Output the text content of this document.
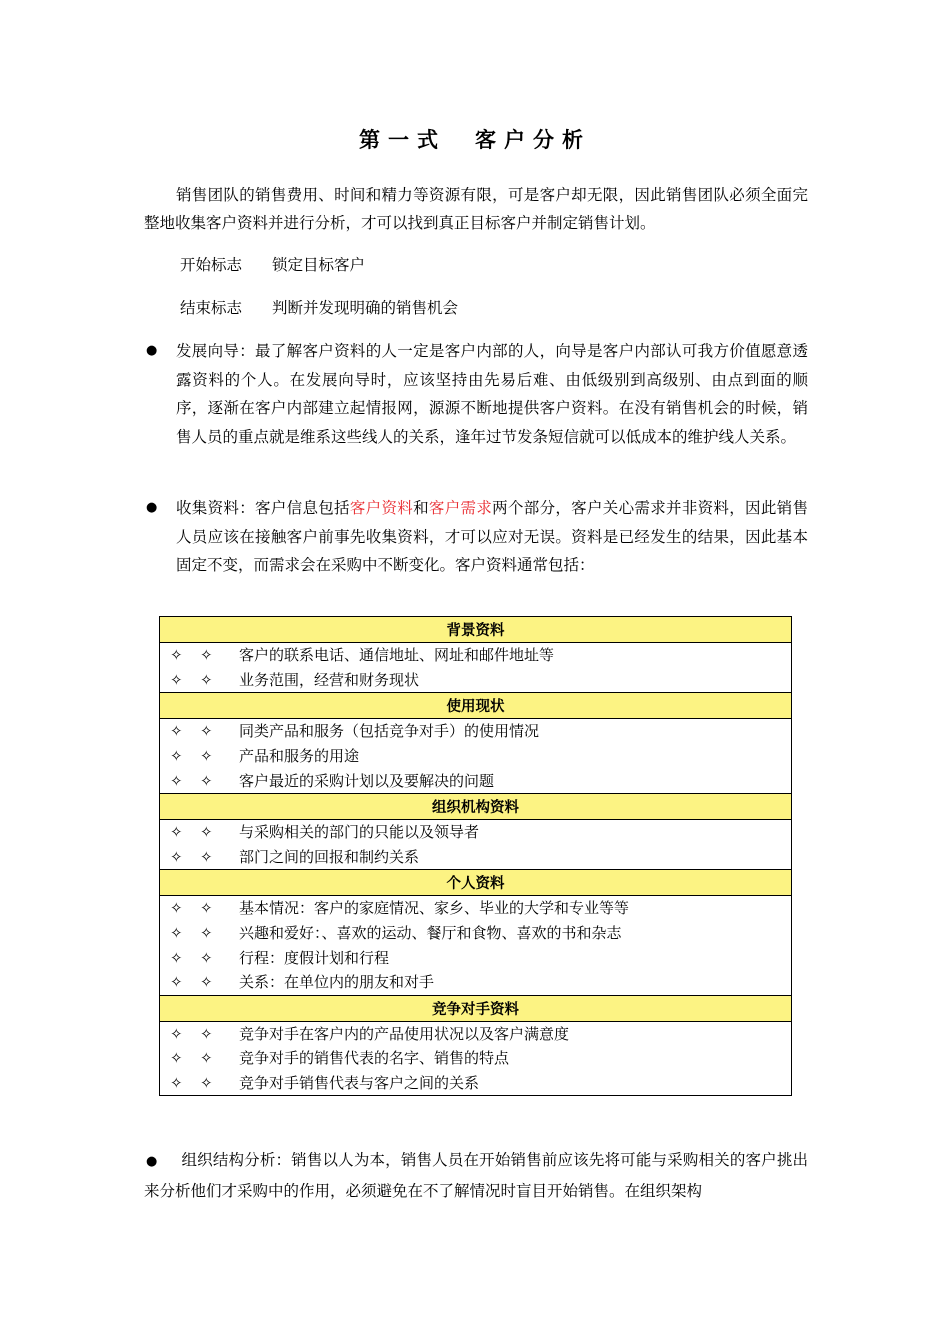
第一式　客户分析
销售团队的销售费用、时间和精力等资源有限，可是客户却无限，因此销售团队必须全面完整地收集客户资料并进行分析，才可以找到真正目标客户并制定销售计划。
开始标志 锁定目标客户
结束标志 判断并发现明确的销售机会
● 发展向导：最了解客户资料的人一定是客户内部的人，向导是客户内部认可我方价值愿意透露资料的个人。在发展向导时，应该坚持由先易后难、由低级别到高级别、由点到面的顺序，逐渐在客户内部建立起情报网，源源不断地提供客户资料。在没有销售机会的时候，销售人员的重点就是维系这些线人的关系，逢年过节发条短信就可以低成本的维护线人关系。
● 收集资料：客户信息包括客户资料和客户需求两个部分，客户关心需求并非资料，因此销售人员应该在接触客户前事先收集资料，才可以应对无误。资料是已经发生的结果，因此基本固定不变，而需求会在采购中不断变化。客户资料通常包括：
背景资料
✧ ✧ 客户的联系电话、通信地址、网址和邮件地址等
✧ ✧ 业务范围，经营和财务现状
使用现状
✧ ✧ 同类产品和服务（包括竞争对手）的使用情况
✧ ✧ 产品和服务的用途
✧ ✧ 客户最近的采购计划以及要解决的问题
组织机构资料
✧ ✧ 与采购相关的部门的只能以及领导者
✧ ✧ 部门之间的回报和制约关系
个人资料
✧ ✧ 基本情况：客户的家庭情况、家乡、毕业的大学和专业等等
✧ ✧ 兴趣和爱好：、喜欢的运动、餐厅和食物、喜欢的书和杂志
✧ ✧ 行程：度假计划和行程
✧ ✧ 关系：在单位内的朋友和对手
竞争对手资料
✧ ✧ 竞争对手在客户内的产品使用状况以及客户满意度
✧ ✧ 竞争对手的销售代表的名字、销售的特点
✧ ✧ 竞争对手销售代表与客户之间的关系
● 组织结构分析：销售以人为本，销售人员在开始销售前应该先将可能与采购相关的客户挑出来分析他们才采购中的作用，必须避免在不了解情况时盲目开始销售。在组织架构
